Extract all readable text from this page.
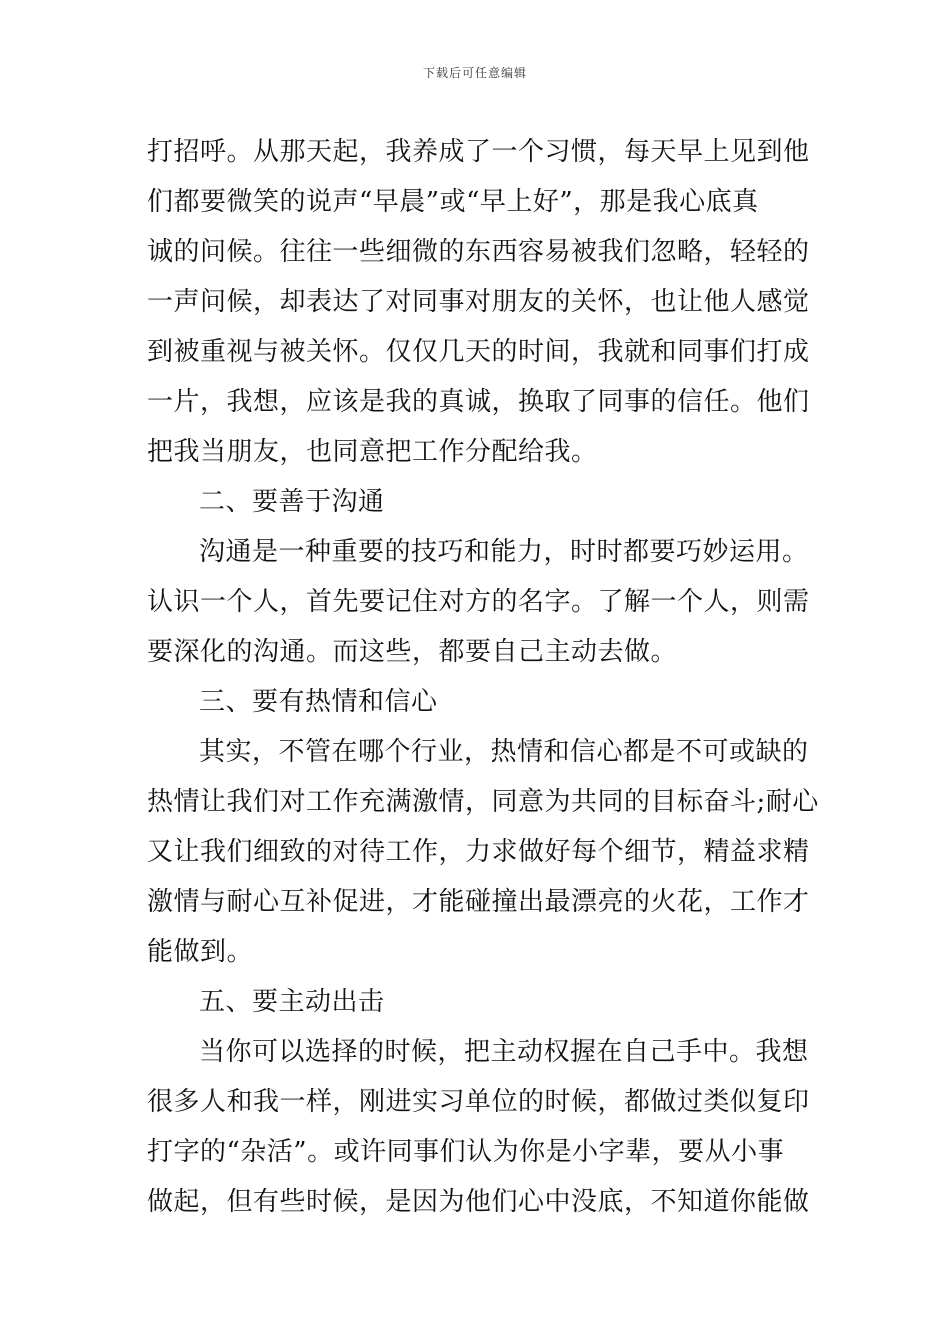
下载后可任意编辑
打招呼。从那天起，我养成了一个习惯，每天早上见到他
们都要微笑的说声“早晨”或“早上好”，那是我心底真
诚的问候。往往一些细微的东西容易被我们忽略，轻轻的
一声问候，却表达了对同事对朋友的关怀，也让他人感觉
到被重视与被关怀。仅仅几天的时间，我就和同事们打成
一片，我想，应该是我的真诚，换取了同事的信任。他们
把我当朋友，也同意把工作分配给我。
二、要善于沟通
沟通是一种重要的技巧和能力，时时都要巧妙运用。
认识一个人，首先要记住对方的名字。了解一个人，则需
要深化的沟通。而这些，都要自己主动去做。
三、要有热情和信心
其实，不管在哪个行业，热情和信心都是不可或缺的
热情让我们对工作充满激情，同意为共同的目标奋斗;耐心
又让我们细致的对待工作，力求做好每个细节，精益求精
激情与耐心互补促进，才能碰撞出最漂亮的火花，工作才
能做到。
五、要主动出击
当你可以选择的时候，把主动权握在自己手中。我想
很多人和我一样，刚进实习单位的时候，都做过类似复印
打字的“杂活”。或许同事们认为你是小字辈，要从小事
做起，但有些时候，是因为他们心中没底，不知道你能做
